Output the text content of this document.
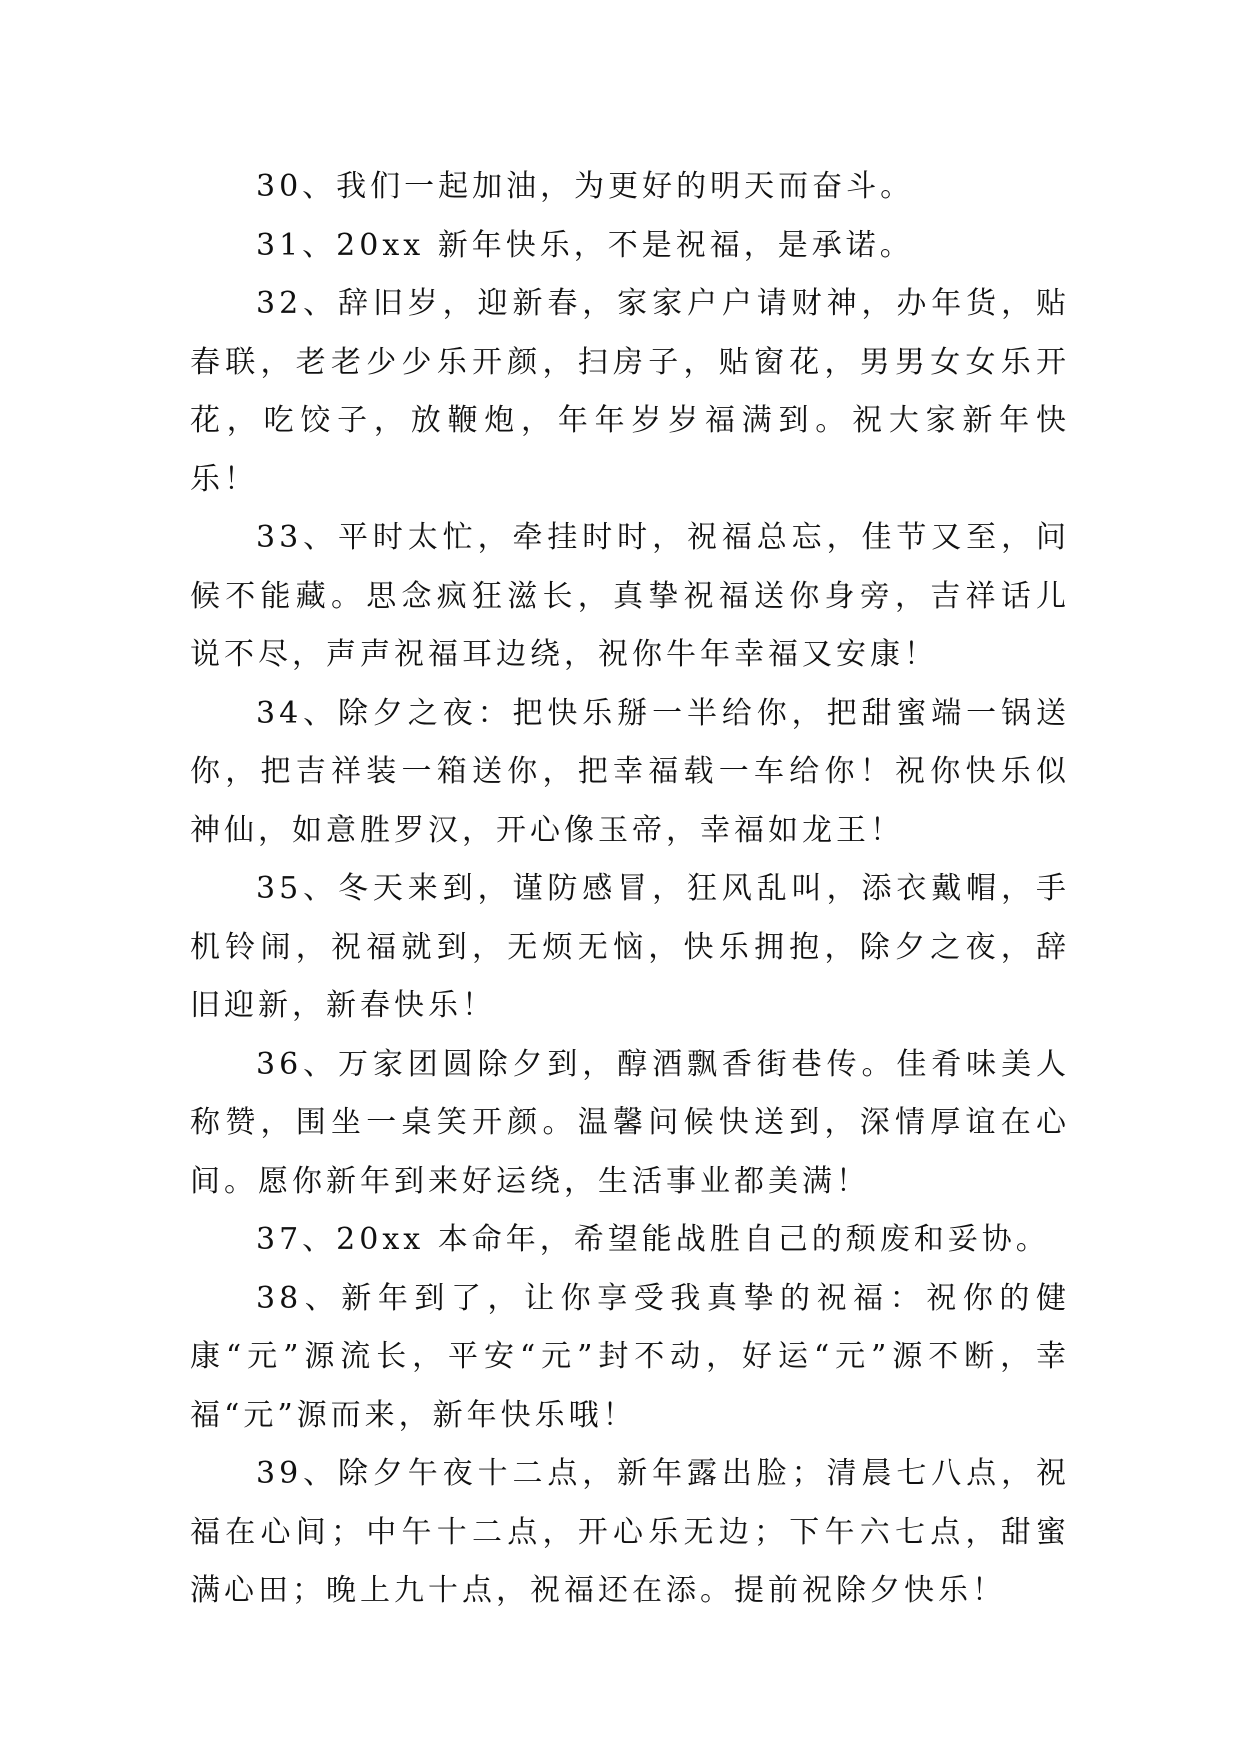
30、我们一起加油，为更好的明天而奋斗。

31、20xx 新年快乐，不是祝福，是承诺。

32、辞旧岁，迎新春，家家户户请财神，办年货，贴春联，老老少少乐开颜，扫房子，贴窗花，男男女女乐开花，吃饺子，放鞭炮，年年岁岁福满到。祝大家新年快乐！

33、平时太忙，牵挂时时，祝福总忘，佳节又至，问候不能藏。思念疯狂滋长，真挚祝福送你身旁，吉祥话儿说不尽，声声祝福耳边绕，祝你牛年幸福又安康！

34、除夕之夜：把快乐掰一半给你，把甜蜜端一锅送你，把吉祥装一箱送你，把幸福载一车给你！祝你快乐似神仙，如意胜罗汉，开心像玉帝，幸福如龙王！

35、冬天来到，谨防感冒，狂风乱叫，添衣戴帽，手机铃闹，祝福就到，无烦无恼，快乐拥抱，除夕之夜，辞旧迎新，新春快乐！

36、万家团圆除夕到，醇酒飘香街巷传。佳肴味美人称赞，围坐一桌笑开颜。温馨问候快送到，深情厚谊在心间。愿你新年到来好运绕，生活事业都美满！

37、20xx 本命年，希望能战胜自己的颓废和妥协。

38、新年到了，让你享受我真挚的祝福：祝你的健康“元”源流长，平安“元”封不动，好运“元”源不断，幸福“元”源而来，新年快乐哦！

39、除夕午夜十二点，新年露出脸；清晨七八点，祝福在心间；中午十二点，开心乐无边；下午六七点，甜蜜满心田；晚上九十点，祝福还在添。提前祝除夕快乐！
